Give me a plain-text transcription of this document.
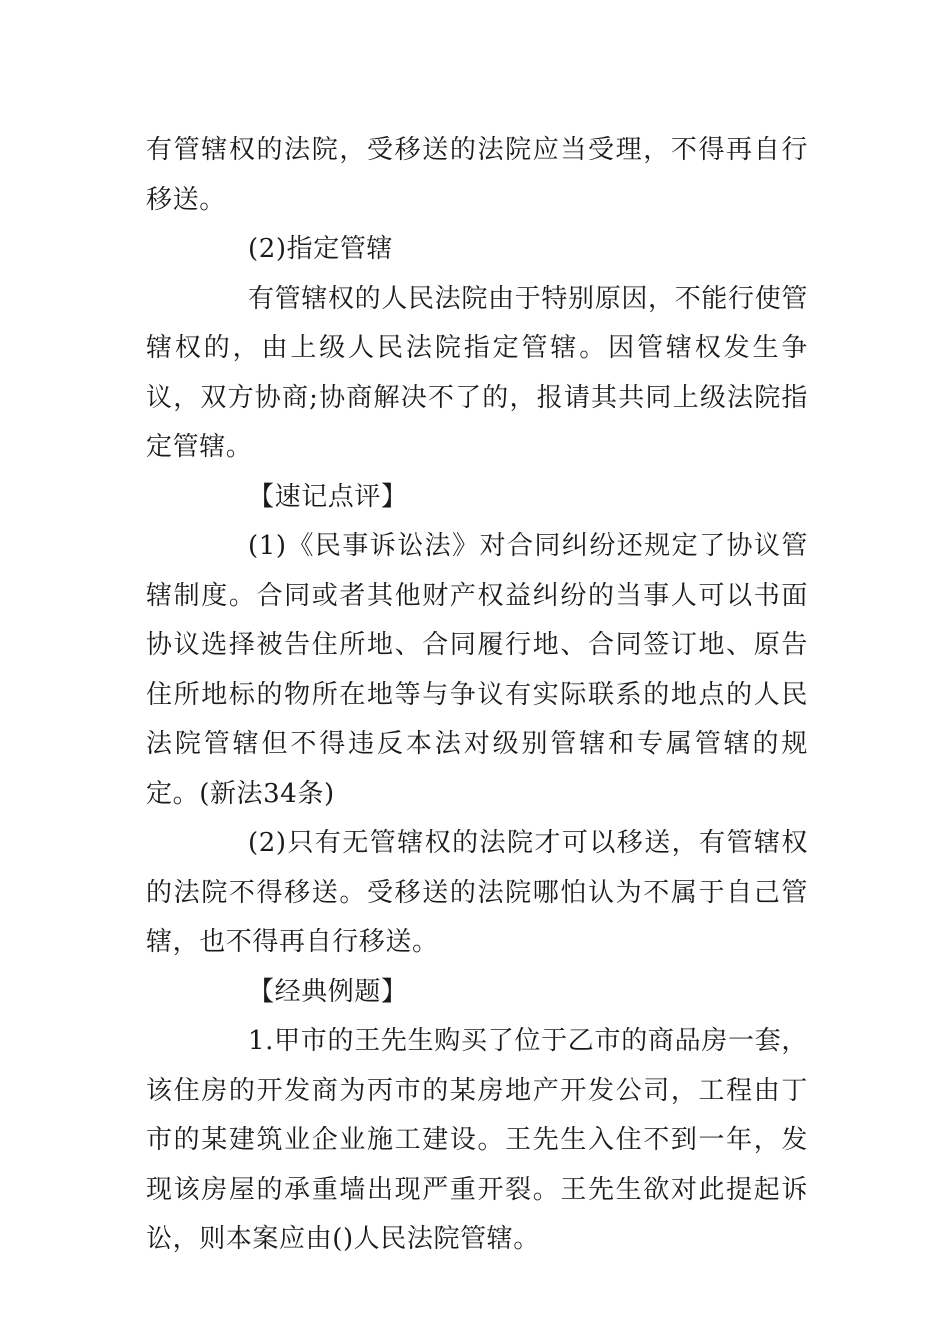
有管辖权的法院，受移送的法院应当受理，不得再自行移送。

(2)指定管辖

有管辖权的人民法院由于特别原因，不能行使管辖权的，由上级人民法院指定管辖。因管辖权发生争议，双方协商;协商解决不了的，报请其共同上级法院指定管辖。

【速记点评】

(1)《民事诉讼法》对合同纠纷还规定了协议管辖制度。合同或者其他财产权益纠纷的当事人可以书面协议选择被告住所地、合同履行地、合同签订地、原告住所地标的物所在地等与争议有实际联系的地点的人民法院管辖但不得违反本法对级别管辖和专属管辖的规定。(新法34条)

(2)只有无管辖权的法院才可以移送，有管辖权的法院不得移送。受移送的法院哪怕认为不属于自己管辖，也不得再自行移送。

【经典例题】

1.甲市的王先生购买了位于乙市的商品房一套，该住房的开发商为丙市的某房地产开发公司，工程由丁市的某建筑业企业施工建设。王先生入住不到一年，发现该房屋的承重墙出现严重开裂。王先生欲对此提起诉讼，则本案应由()人民法院管辖。
